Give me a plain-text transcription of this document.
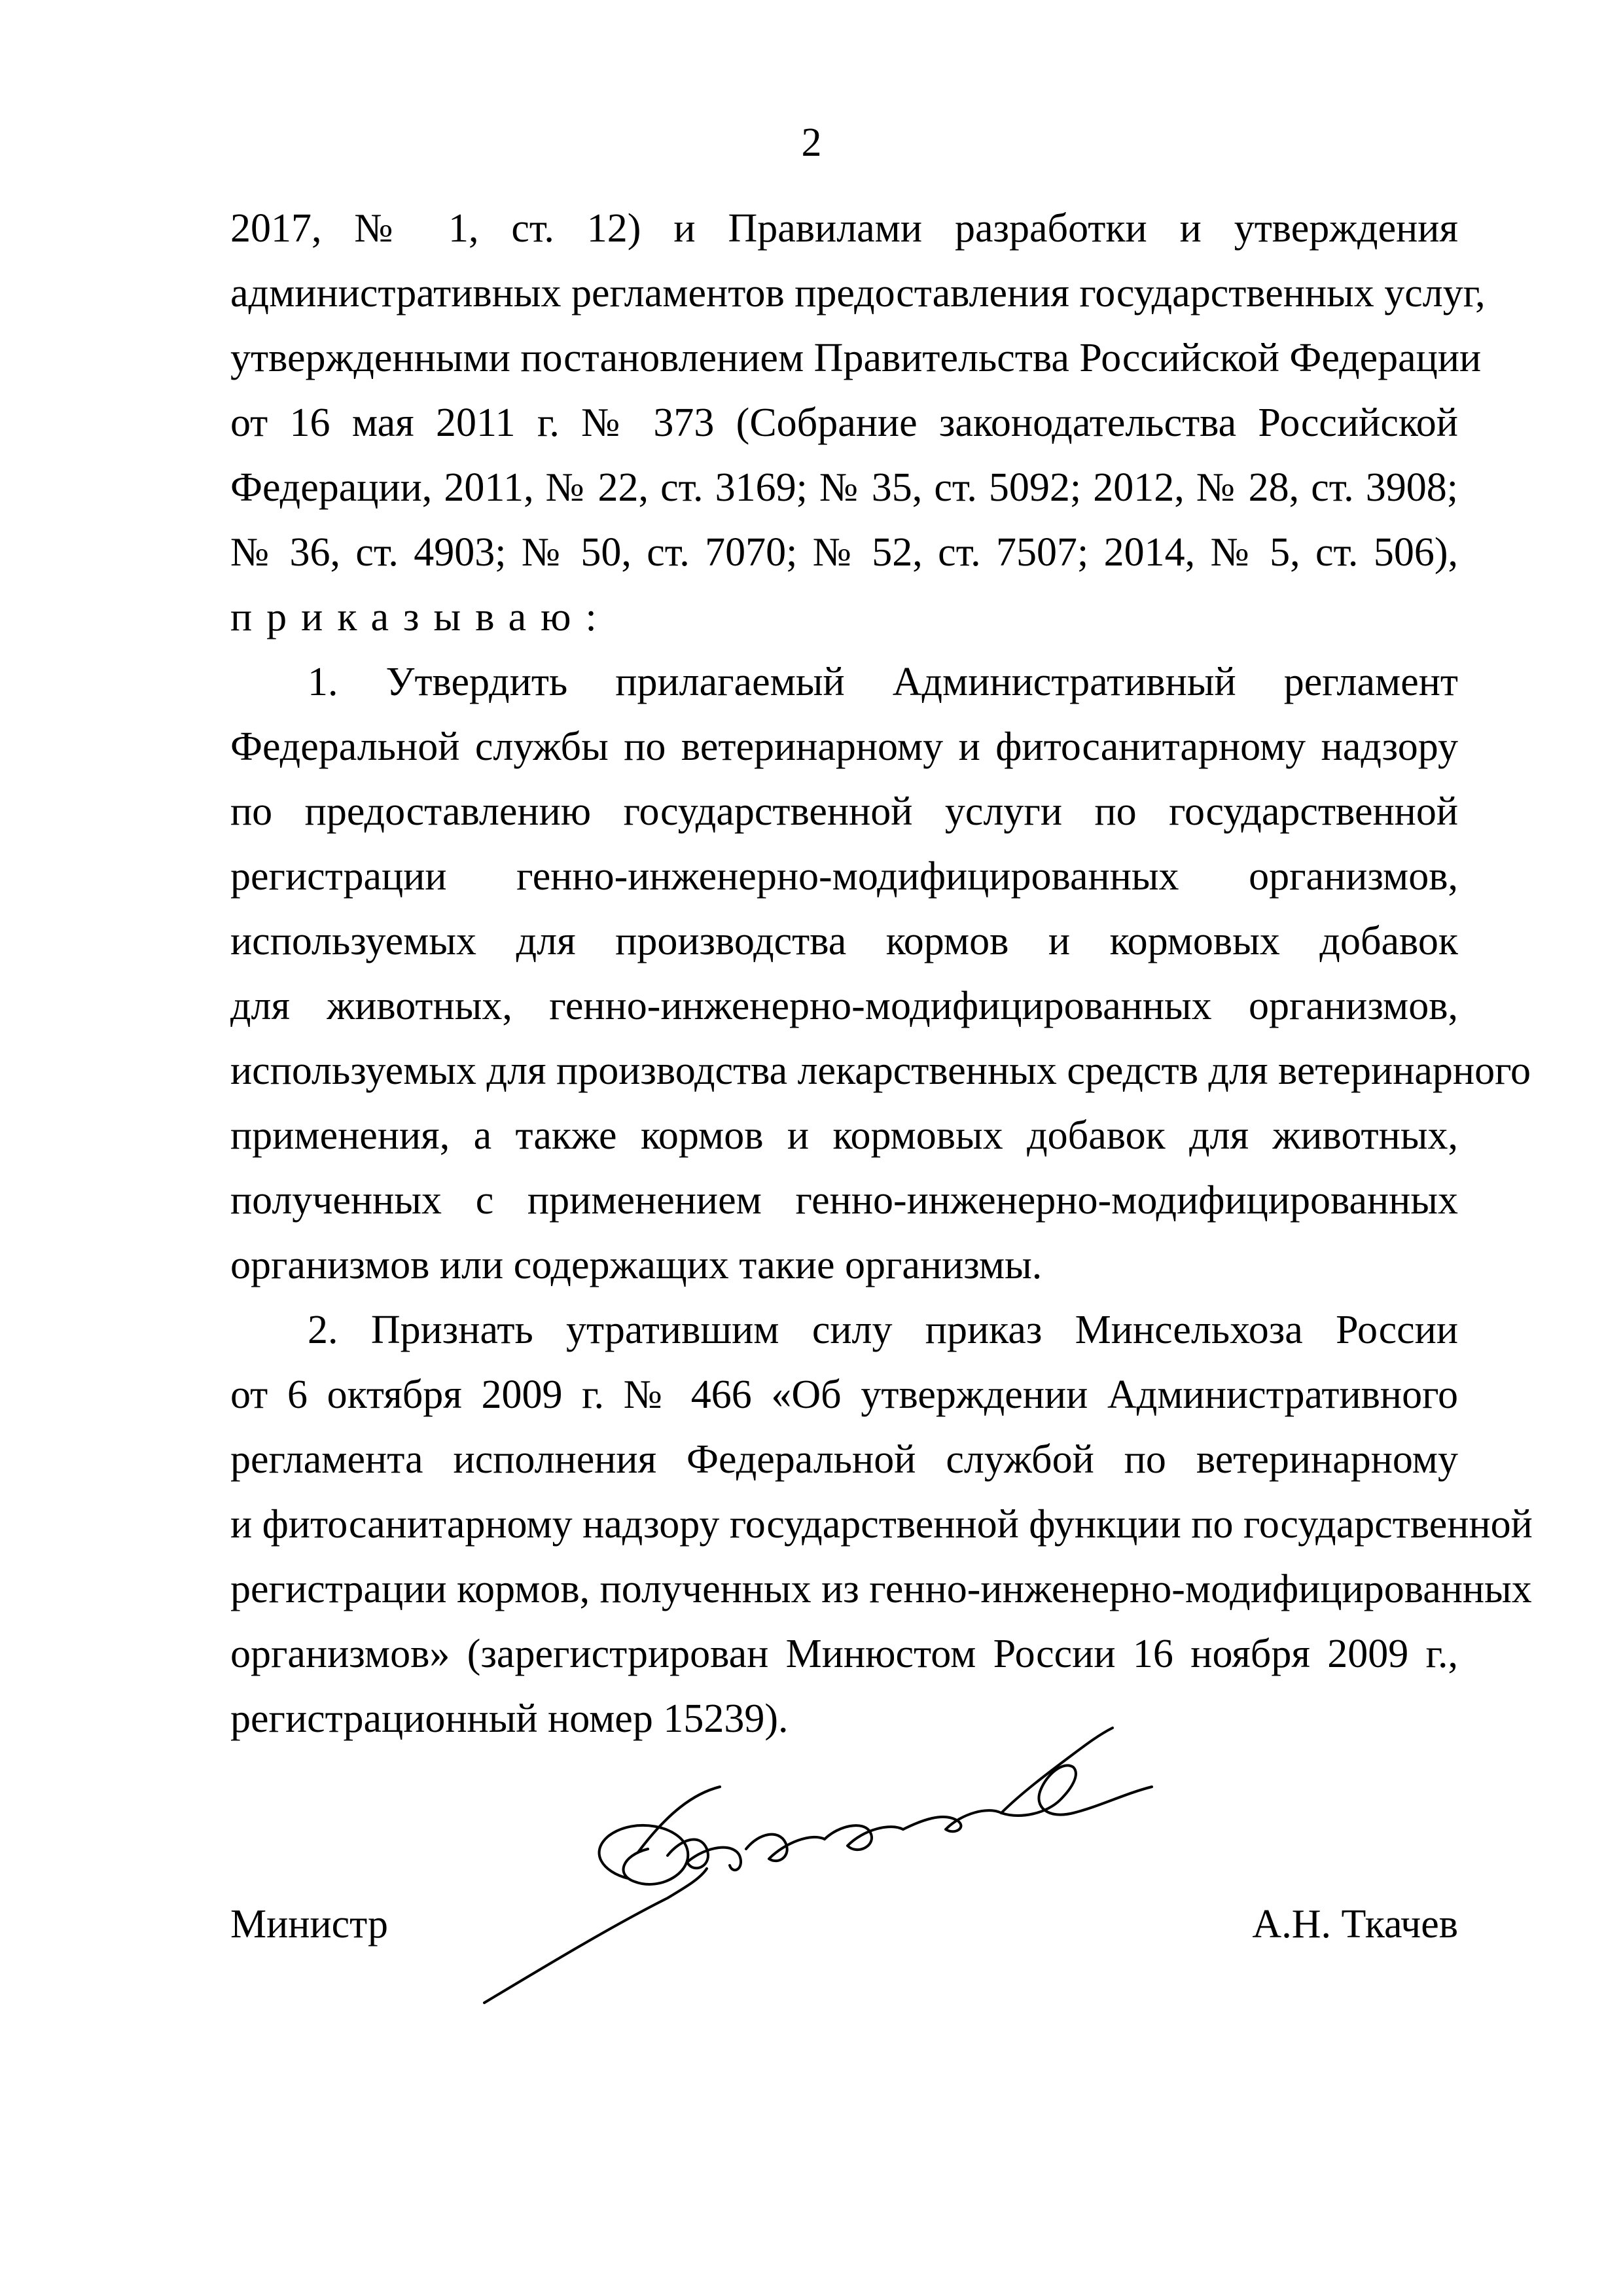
2
2017, № 1, ст. 12) и Правилами разработки и утверждения
административных регламентов предоставления государственных услуг,
утвержденными постановлением Правительства Российской Федерации
от 16 мая 2011 г. № 373 (Собрание законодательства Российской
Федерации, 2011, № 22, ст. 3169; № 35, ст. 5092; 2012, № 28, ст. 3908;
№ 36, ст. 4903; № 50, ст. 7070; № 52, ст. 7507; 2014, № 5, ст. 506),
приказываю:
1. Утвердить прилагаемый Административный регламент
Федеральной службы по ветеринарному и фитосанитарному надзору
по предоставлению государственной услуги по государственной
регистрации генно-инженерно-модифицированных организмов,
используемых для производства кормов и кормовых добавок
для животных, генно-инженерно-модифицированных организмов,
используемых для производства лекарственных средств для ветеринарного
применения, а также кормов и кормовых добавок для животных,
полученных с применением генно-инженерно-модифицированных
организмов или содержащих такие организмы.
2. Признать утратившим силу приказ Минсельхоза России
от 6 октября 2009 г. № 466 «Об утверждении Административного
регламента исполнения Федеральной службой по ветеринарному
и фитосанитарному надзору государственной функции по государственной
регистрации кормов, полученных из генно-инженерно-модифицированных
организмов» (зарегистрирован Минюстом России 16 ноября 2009 г.,
регистрационный номер 15239).
Министр	А.Н. Ткачев
